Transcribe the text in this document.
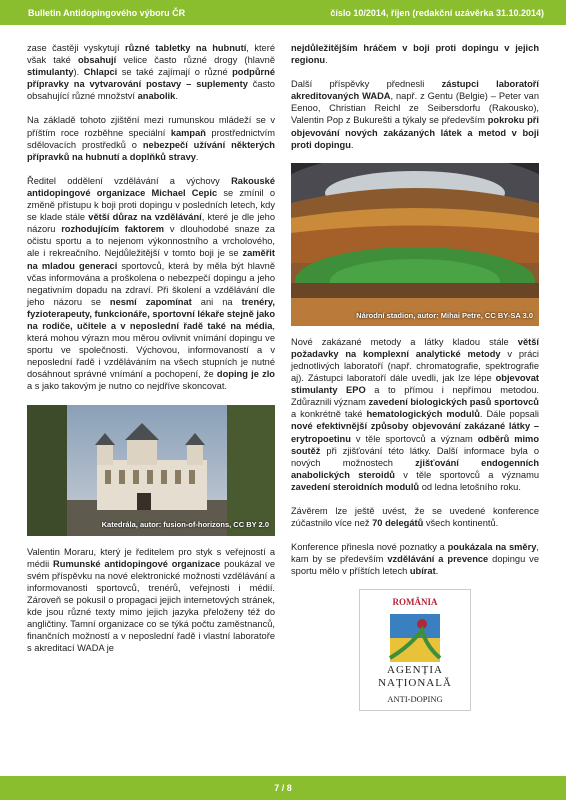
Bulletin Antidopingového výboru ČR	číslo 10/2014, říjen (redakční uzávěrka 31.10.2014)

zase častěji vyskytují různé tabletky na hubnutí, které však také obsahují velice často různé drogy (hlavně stimulanty). Chlapci se také zajímají o různé podpůrné přípravky na vytvarování postavy – suplementy často obsahující různé množství anabolik.

Na základě tohoto zjištění mezi rumunskou mládeží se v příštím roce rozběhne speciální kampaň prostřednictvím sdělovacích prostředků o nebezpečí užívání některých přípravků na hubnutí a doplňků stravy.

Ředitel oddělení vzdělávání a výchovy Rakouské antidopingové organizace Michael Cepic se zmínil o změně přístupu k boji proti dopingu v posledních letech, kdy se klade stále větší důraz na vzdělávání, které je dle jeho názoru rozhodujícím faktorem v dlouhodobé snaze za očistu sportu a to nejenom výkonnostního a vrcholového, ale i rekreačního. Nejdůležitější v tomto boji je se zaměřit na mladou generaci sportovců, která by měla být hlavně včas informována a proškolena o nebezpečí dopingu a jeho negativním dopadu na zdraví. Při školení a vzdělávání dle jeho názoru se nesmí zapomínat ani na trenéry, fyzioterapeuty, funkcionáře, sportovní lékaře stejně jako na rodiče, učitele a v neposlední řadě také na média, která mohou výrazn mou měrou ovlivnit vnímání dopingu ve sportu ve společnosti. Výchovou, informovaností a v neposlední řadě i vzděláváním na všech stupních je nutné dosáhnout správné vnímání a pochopení, že doping je zlo a s jako takovým je nutno co nejdříve skoncovat.

Katedrála, autor: fusion-of-horizons, CC BY 2.0

Valentin Moraru, který je ředitelem pro styk s veřejností a médii Rumunské antidopingové organizace poukázal ve svém příspěvku na nové elektronické možnosti vzdělávání a informovanosti sportovců, trenérů, veřejnosti i médií. Zároveň se pokusil o propagaci jejich internetových stránek, kde jsou různé texty mimo jejich jazyka přeloženy též do angličtiny. Tamní organizace co se týká počtu zaměstnanců, finančních možností a v neposlední řadě i vlastní laboratoře s akreditací WADA je

nejdůležitějším hráčem v boji proti dopingu v jejich regionu.

Další příspěvky přednesli zástupci laboratoří akreditovaných WADA, např. z Gentu (Belgie) – Peter van Eenoo, Christian Reichl ze Seibersdorfu (Rakousko), Valentin Pop z Bukurešti a týkaly se především pokroku při objevování nových zakázaných látek a metod v boji proti dopingu.

Národní stadion, autor: Mihai Petre, CC BY-SA 3.0

Nové zakázané metody a látky kladou stále větší požadavky na komplexní analytické metody v práci jednotlivých laboratoří (např. chromatografie, spektrografie aj). Zástupci laboratoří dále uvedli, jak lze lépe objevovat stimulanty EPO a to přímou i nepřímou metodou. Zdůraznili význam zavedení biologických pasů sportovců a konkrétně také hematologických modulů. Dále popsali nové efektivnější způsoby objevování zakázané látky – erytropoetinu v těle sportovců a význam odběrů mimo soutěž při zjišťování této látky. Další informace byla o nových možnostech zjišťování endogenních anabolických steroidů v těle sportovců a významu zavedení steroidních modulů od ledna letošního roku.

Závěrem lze ještě uvést, že se uvedené konference zúčastnilo více než 70 delegátů všech kontinentů.

Konference přinesla nové poznatky a poukázala na směry, kam by se především vzdělávání a prevence dopingu ve sportu mělo v příštích letech ubírat.

ROMÂNIA
AGENȚIA
NAȚIONALĂ
ANTI-DOPING
7 / 8
